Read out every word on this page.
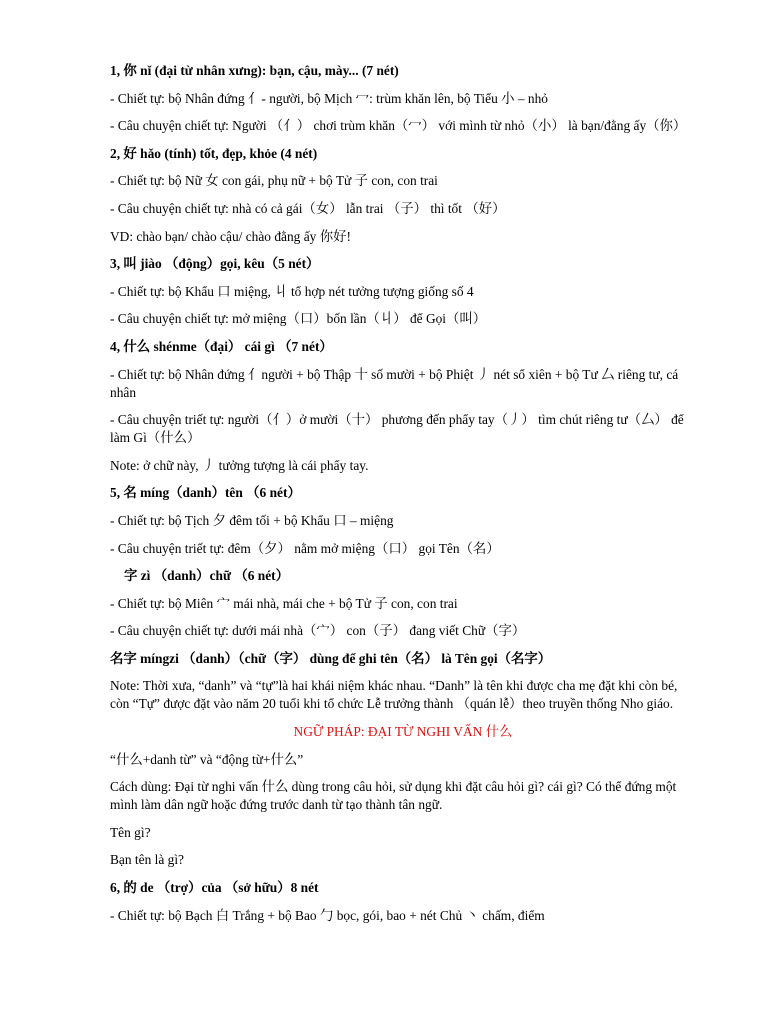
1, 你 nǐ (đại từ nhân xưng): bạn, cậu, mày... (7 nét)

- Chiết tự: bộ Nhân đứng 亻- người, bộ Mịch 冖: trùm khăn lên, bộ Tiểu 小 – nhỏ

- Câu chuyện chiết tự: Người （亻） chơi trùm khăn（冖） với mình từ nhỏ（小） là bạn/đằng ấy（你）

2, 好 hǎo (tính) tốt, đẹp, khỏe (4 nét)

- Chiết tự: bộ Nữ 女 con gái, phụ nữ + bộ Tử 子 con, con trai

- Câu chuyện chiết tự: nhà có cả gái（女） lẫn trai （子） thì tốt （好）

VD: chào bạn/ chào cậu/ chào đằng ấy 你好!

3, 叫 jiào （động）gọi, kêu（5 nét）

- Chiết tự: bộ Khẩu 口 miệng, 丩 tổ hợp nét tưởng tượng giống số 4

- Câu chuyện chiết tự: mở miệng（口）bốn lần（丩） để Gọi（叫）

4, 什么 shénme（đại） cái gì （7 nét）

- Chiết tự: bộ Nhân đứng 亻người + bộ Thập 十 số mười + bộ Phiệt 丿 nét sổ xiên + bộ Tư 厶 riêng tư, cá nhân

- Câu chuyện triết tự: người（亻）ở mười（十） phương đến phẩy tay（丿） tìm chút riêng tư（厶） để làm Gì（什么）

Note: ở chữ này, 丿 tưởng tượng là cái phẩy tay.

5, 名 míng（danh）tên （6 nét）

- Chiết tự: bộ Tịch 夕 đêm tối + bộ Khẩu 口 – miệng

- Câu chuyện triết tự: đêm（夕） nằm mở miệng（口） gọi Tên（名）

字 zì （danh）chữ （6 nét）

- Chiết tự: bộ Miên 宀 mái nhà, mái che + bộ Tử 子 con, con trai

- Câu chuyện chiết tự: dưới mái nhà（宀） con（子） đang viết Chữ（字）

名字 míngzi （danh）（chữ（字） dùng để ghi tên（名） là Tên gọi（名字）

Note: Thời xưa, “danh” và “tự”là hai khái niệm khác nhau. “Danh” là tên khi được cha mẹ đặt khi còn bé, còn “Tự” được đặt vào năm 20 tuổi khi tổ chức Lễ trưởng thành （quán lễ）theo truyền thống Nho giáo.

NGỮ PHÁP: ĐẠI TỪ NGHI VẤN 什么

“什么+danh từ” và “động từ+什么”

Cách dùng: Đại từ nghi vấn 什么 dùng trong câu hỏi, sử dụng khi đặt câu hỏi gì? cái gì? Có thể đứng một mình làm dân ngữ hoặc đứng trước danh từ tạo thành tân ngữ.

Tên gì?

Bạn tên là gì?

6, 的 de （trợ）của （sở hữu）8 nét

- Chiết tự: bộ Bạch 白 Trắng + bộ Bao 勹 bọc, gói, bao + nét Chủ 丶 chấm, điểm
